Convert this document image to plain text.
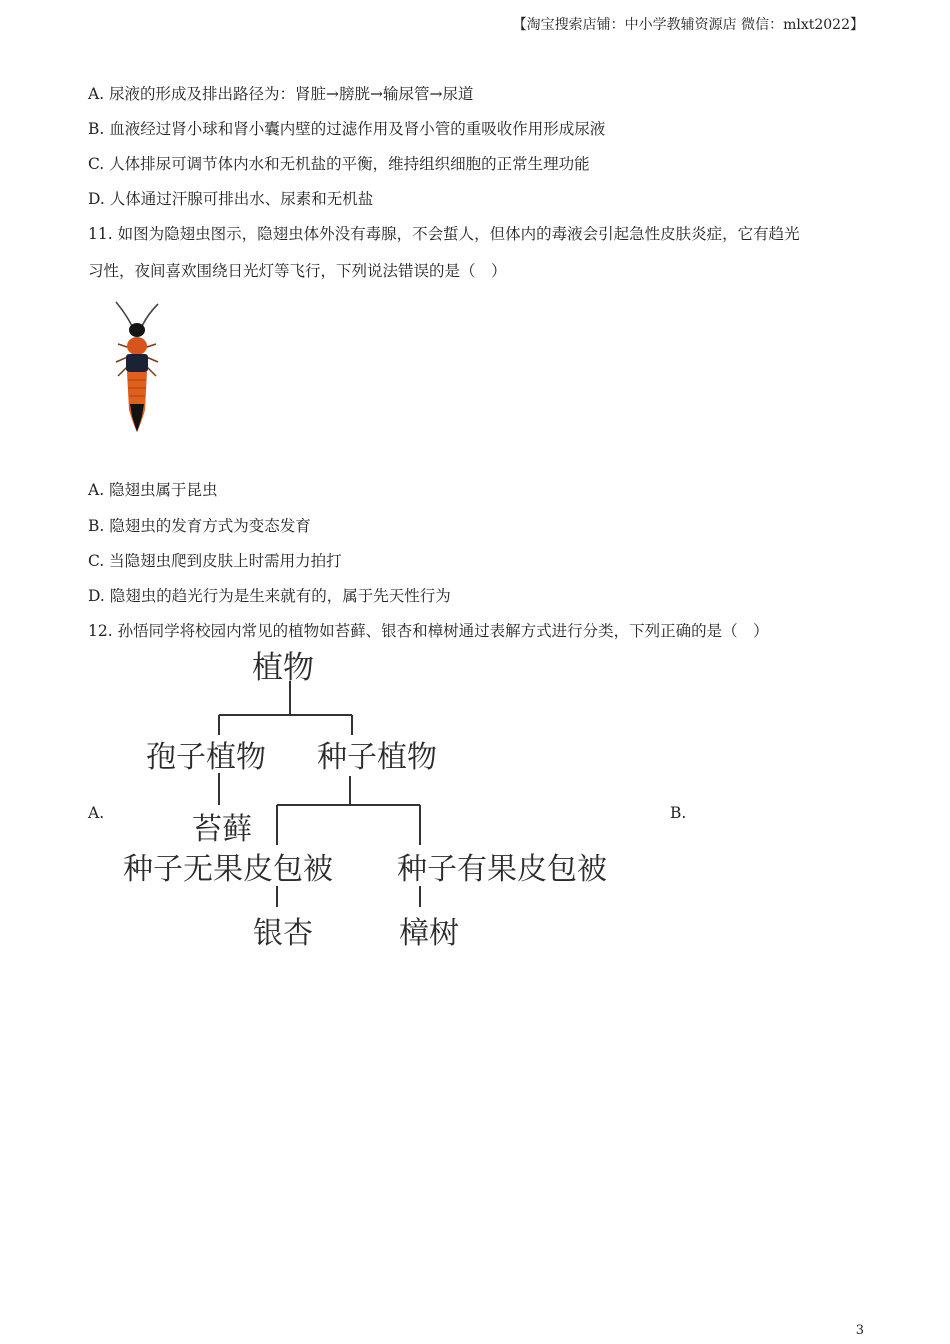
【淘宝搜索店铺：中小学教辅资源店 微信：mlxt2022】
A. 尿液的形成及排出路径为：肾脏→膀胱→输尿管→尿道
B. 血液经过肾小球和肾小囊内壁的过滤作用及肾小管的重吸收作用形成尿液
C. 人体排尿可调节体内水和无机盐的平衡，维持组织细胞的正常生理功能
D. 人体通过汗腺可排出水、尿素和无机盐
11. 如图为隐翅虫图示，隐翅虫体外没有毒腺，不会蜇人，但体内的毒液会引起急性皮肤炎症，它有趋光
习性，夜间喜欢围绕日光灯等飞行，下列说法错误的是（　）
A. 隐翅虫属于昆虫
B. 隐翅虫的发育方式为变态发育
C. 当隐翅虫爬到皮肤上时需用力拍打
D. 隐翅虫的趋光行为是生来就有的，属于先天性行为
12. 孙悟同学将校园内常见的植物如苔藓、银杏和樟树通过表解方式进行分类，下列正确的是（　）
植物
孢子植物 种子植物
苔藓
种子无果皮包被 种子有果皮包被
银杏	樟树
A.	B.
3
